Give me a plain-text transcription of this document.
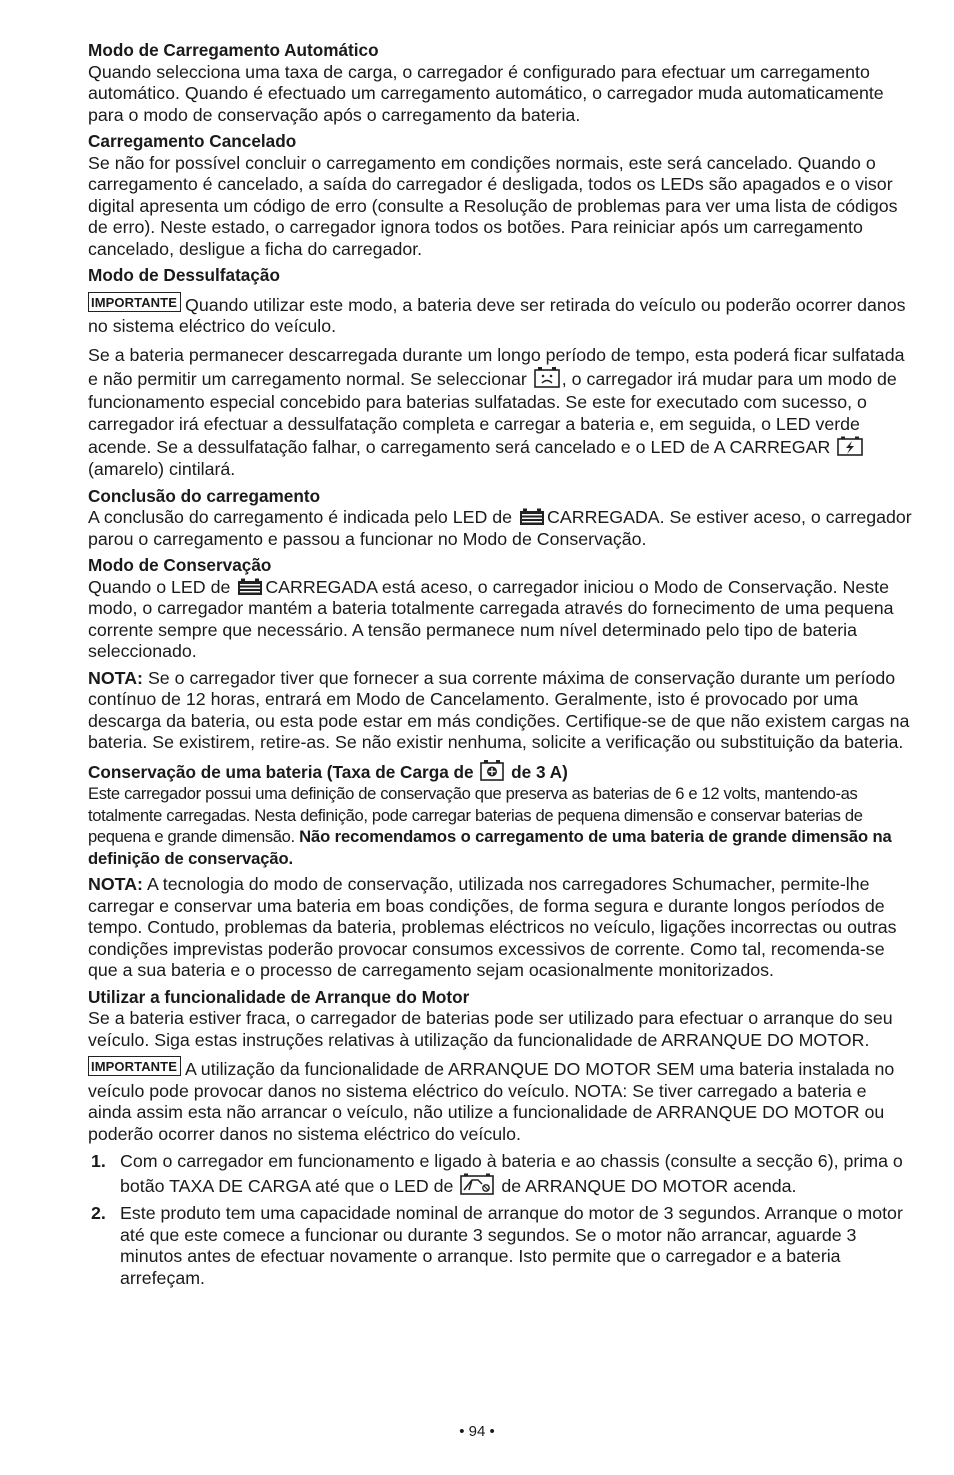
Modo de Carregamento Automático

Quando selecciona uma taxa de carga, o carregador é configurado para efectuar um carregamento automático. Quando é efectuado um carregamento automático, o carregador muda automaticamente para o modo de conservação após o carregamento da bateria.

Carregamento Cancelado

Se não for possível concluir o carregamento em condições normais, este será cancelado. Quando o carregamento é cancelado, a saída do carregador é desligada, todos os LEDs são apagados e o visor digital apresenta um código de erro (consulte a Resolução de problemas para ver uma lista de códigos de erro). Neste estado, o carregador ignora todos os botões. Para reiniciar após um carregamento cancelado, desligue a ficha do carregador.

Modo de Dessulfatação

IMPORTANTE Quando utilizar este modo, a bateria deve ser retirada do veículo ou poderão ocorrer danos no sistema eléctrico do veículo.

Se a bateria permanecer descarregada durante um longo período de tempo, esta poderá ficar sulfatada e não permitir um carregamento normal. Se seleccionar , o carregador irá mudar para um modo de funcionamento especial concebido para baterias sulfatadas. Se este for executado com sucesso, o carregador irá efectuar a dessulfatação completa e carregar a bateria e, em seguida, o LED verde acende. Se a dessulfatação falhar, o carregamento será cancelado e o LED de A CARREGAR
(amarelo) cintilará.

Conclusão do carregamento

A conclusão do carregamento é indicada pelo LED de CARREGADA. Se estiver aceso, o carregador parou o carregamento e passou a funcionar no Modo de Conservação.

Modo de Conservação

Quando o LED de CARREGADA está aceso, o carregador iniciou o Modo de Conservação. Neste modo, o carregador mantém a bateria totalmente carregada através do fornecimento de uma pequena corrente sempre que necessário. A tensão permanece num nível determinado pelo tipo de bateria seleccionado.

NOTA: Se o carregador tiver que fornecer a sua corrente máxima de conservação durante um período contínuo de 12 horas, entrará em Modo de Cancelamento. Geralmente, isto é provocado por uma descarga da bateria, ou esta pode estar em más condições. Certifique-se de que não existem cargas na bateria. Se existirem, retire-as. Se não existir nenhuma, solicite a verificação ou substituição da bateria.

Conservação de uma bateria (Taxa de Carga de de 3 A)

Este carregador possui uma definição de conservação que preserva as baterias de 6 e 12 volts, mantendo-as totalmente carregadas. Nesta definição, pode carregar baterias de pequena dimensão e conservar baterias de pequena e grande dimensão. Não recomendamos o carregamento de uma bateria de grande dimensão na definição de conservação.

NOTA: A tecnologia do modo de conservação, utilizada nos carregadores Schumacher, permite-lhe carregar e conservar uma bateria em boas condições, de forma segura e durante longos períodos de tempo. Contudo, problemas da bateria, problemas eléctricos no veículo, ligações incorrectas ou outras condições imprevistas poderão provocar consumos excessivos de corrente. Como tal, recomenda-se que a sua bateria e o processo de carregamento sejam ocasionalmente monitorizados.

Utilizar a funcionalidade de Arranque do Motor

Se a bateria estiver fraca, o carregador de baterias pode ser utilizado para efectuar o arranque do seu veículo. Siga estas instruções relativas à utilização da funcionalidade de ARRANQUE DO MOTOR.

IMPORTANTE A utilização da funcionalidade de ARRANQUE DO MOTOR SEM uma bateria instalada no veículo pode provocar danos no sistema eléctrico do veículo. NOTA: Se tiver carregado a bateria e ainda assim esta não arrancar o veículo, não utilize a funcionalidade de ARRANQUE DO MOTOR ou poderão ocorrer danos no sistema eléctrico do veículo.

1. Com o carregador em funcionamento e ligado à bateria e ao chassis (consulte a secção 6), prima o botão TAXA DE CARGA até que o LED de	de ARRANQUE DO MOTOR acenda.
2. Este produto tem uma capacidade nominal de arranque do motor de 3 segundos. Arranque o motor até que este comece a funcionar ou durante 3 segundos. Se o motor não arrancar, aguarde 3 minutos antes de efectuar novamente o arranque. Isto permite que o carregador e a bateria arrefeçam.
• 94 •
